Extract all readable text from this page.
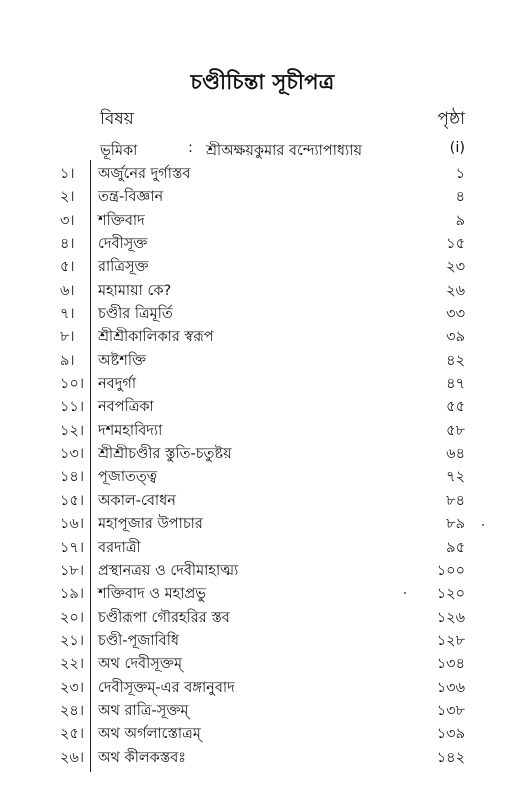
চণ্ডীচিন্তা সূচীপত্র
বিষয়	পৃষ্ঠা
ভূমিকা	: শ্রীঅক্ষয়কুমার বন্দ্যোপাধ্যায়	(i)
১।	অর্জুনের দুর্গাস্তব	১
২।	তন্ত্র-বিজ্ঞান	৪
৩।	শক্তিবাদ	৯
৪।	দেবীসূক্ত	১৫
৫।	রাত্রিসূক্ত	২৩
৬।	মহামায়া কে?	২৬
৭।	চণ্ডীর ত্রিমূর্তি	৩৩
৮।	শ্রীশ্রীকালিকার স্বরূপ	৩৯
৯।	অষ্টশক্তি	৪২
১০। নবদুর্গা	৪৭
১১। নবপত্রিকা	৫৫
১২। দশমহাবিদ্যা	৫৮
১৩। শ্রীশ্রীচণ্ডীর স্তুতি-চতুষ্টয়	৬৪
১৪। পূজাতত্ত্ব	৭২
১৫। অকাল-বোধন	৮৪
১৬। মহাপূজার উপাচার	৮৯
১৭। বরদাত্রী	৯৫
১৮। প্রস্থানত্রয় ও দেবীমাহাত্ম্য	১০০
১৯। শক্তিবাদ ও মহাপ্রভু	১২০
২০। চণ্ডীরূপা গৌরহরির স্তব	১২৬
২১। চণ্ডী-পূজাবিধি	১২৮
২২। অথ দেবীসূক্তম্	১৩৪
২৩। দেবীসূক্তম্-এর বঙ্গানুবাদ	১৩৬
২৪। অথ রাত্রি-সূক্তম্	১৩৮
২৫। অথ অর্গলাস্তোত্রম্	১৩৯
২৬। অথ কীলকস্তবঃ	১৪২
